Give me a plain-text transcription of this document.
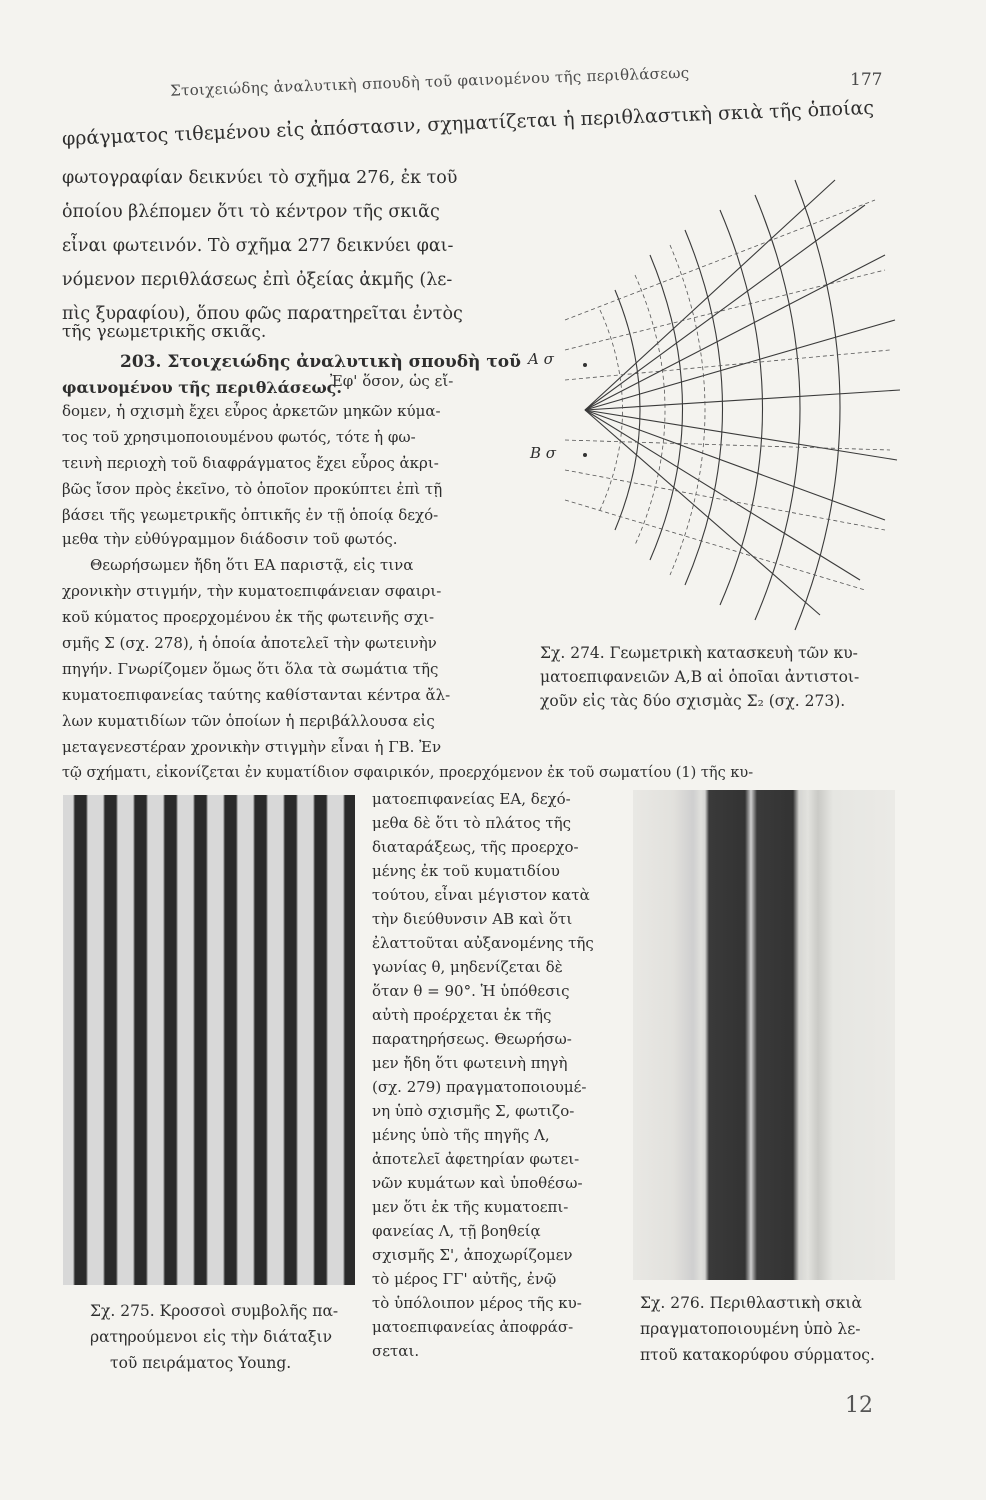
Στοιχειώδης ἀναλυτικὴ σπουδὴ τοῦ φαινομένου τῆς περιθλάσεως	177
φράγματος τιθεμένου εἰς ἀπόστασιν, σχηματίζεται ἡ περιθλαστικὴ σκιὰ τῆς ὁποίας
φωτογραφίαν δεικνύει τὸ σχῆμα 276, ἐκ τοῦ
ὁποίου βλέπομεν ὅτι τὸ κέντρον τῆς σκιᾶς
εἶναι φωτεινόν. Τὸ σχῆμα 277 δεικνύει φαι-
νόμενον περιθλάσεως ἐπὶ ὀξείας ἀκμῆς (λε-
πὶς ξυραφίου), ὅπου φῶς παρατηρεῖται ἐντὸς
τῆς γεωμετρικῆς σκιᾶς.
203. Στοιχειώδης ἀναλυτικὴ σπουδὴ τοῦ
φαινομένου τῆς περιθλάσεως.
Ἐφ' ὅσον, ὡς εἴ-
δομεν, ἡ σχισμὴ ἔχει εὖρος ἀρκετῶν μηκῶν κύμα-
τος τοῦ χρησιμοποιουμένου φωτός, τότε ἡ φω-
τεινὴ περιοχὴ τοῦ διαφράγματος ἔχει εὖρος ἀκρι-
βῶς ἴσον πρὸς ἐκεῖνο, τὸ ὁποῖον προκύπτει ἐπὶ τῇ
βάσει τῆς γεωμετρικῆς ὀπτικῆς ἐν τῇ ὁποίᾳ δεχό-
μεθα τὴν εὐθύγραμμον διάδοσιν τοῦ φωτός.
Θεωρήσωμεν ἤδη ὅτι ΕΑ παριστᾷ, εἰς τινα
χρονικὴν στιγμήν, τὴν κυματοεπιφάνειαν σφαιρι-
κοῦ κύματος προερχομένου ἐκ τῆς φωτεινῆς σχι-
σμῆς Σ (σχ. 278), ἡ ὁποία ἀποτελεῖ τὴν φωτεινὴν
πηγήν. Γνωρίζομεν ὅμως ὅτι ὅλα τὰ σωμάτια τῆς
κυματοεπιφανείας ταύτης καθίστανται κέντρα ἄλ-
λων κυματιδίων τῶν ὁποίων ἡ περιβάλλουσα εἰς
μεταγενεστέραν χρονικὴν στιγμὴν εἶναι ἡ ΓΒ. Ἐν
τῷ σχήματι, εἰκονίζεται ἐν κυματίδιον σφαιρικόν, προερχόμενον ἐκ τοῦ σωματίου (1) τῆς κυ-
A σ
B σ
Σχ. 274. Γεωμετρικὴ κατασκευὴ τῶν κυ-
ματοεπιφανειῶν Α,Β αἱ ὁποῖαι ἀντιστοι-
χοῦν εἰς τὰς δύο σχισμὰς Σ₂ (σχ. 273).
Σχ. 275. Κροσσοὶ συμβολῆς πα-
ρατηρούμενοι εἰς τὴν διάταξιν
τοῦ πειράματος Young.
ματοεπιφανείας ΕΑ, δεχό-
μεθα δὲ ὅτι τὸ πλάτος τῆς
διαταράξεως, τῆς προερχο-
μένης ἐκ τοῦ κυματιδίου
τούτου, εἶναι μέγιστον κατὰ
τὴν διεύθυνσιν ΑΒ καὶ ὅτι
ἐλαττοῦται αὐξανομένης τῆς
γωνίας θ, μηδενίζεται δὲ
ὅταν θ = 90°. Ἡ ὑπόθεσις
αὐτὴ προέρχεται ἐκ τῆς
παρατηρήσεως. Θεωρήσω-
μεν ἤδη ὅτι φωτεινὴ πηγὴ
(σχ. 279) πραγματοποιουμέ-
νη ὑπὸ σχισμῆς Σ, φωτιζο-
μένης ὑπὸ τῆς πηγῆς Λ,
ἀποτελεῖ ἀφετηρίαν φωτει-
νῶν κυμάτων καὶ ὑποθέσω-
μεν ὅτι ἐκ τῆς κυματοεπι-
φανείας Λ, τῇ βοηθείᾳ
σχισμῆς Σ', ἀποχωρίζομεν
τὸ μέρος ΓΓ' αὐτῆς, ἐνῷ
τὸ ὑπόλοιπον μέρος τῆς κυ-
ματοεπιφανείας ἀποφράσ-
σεται.
Σχ. 276. Περιθλαστικὴ σκιὰ
πραγματοποιουμένη ὑπὸ λε-
πτοῦ κατακορύφου σύρματος.
12
